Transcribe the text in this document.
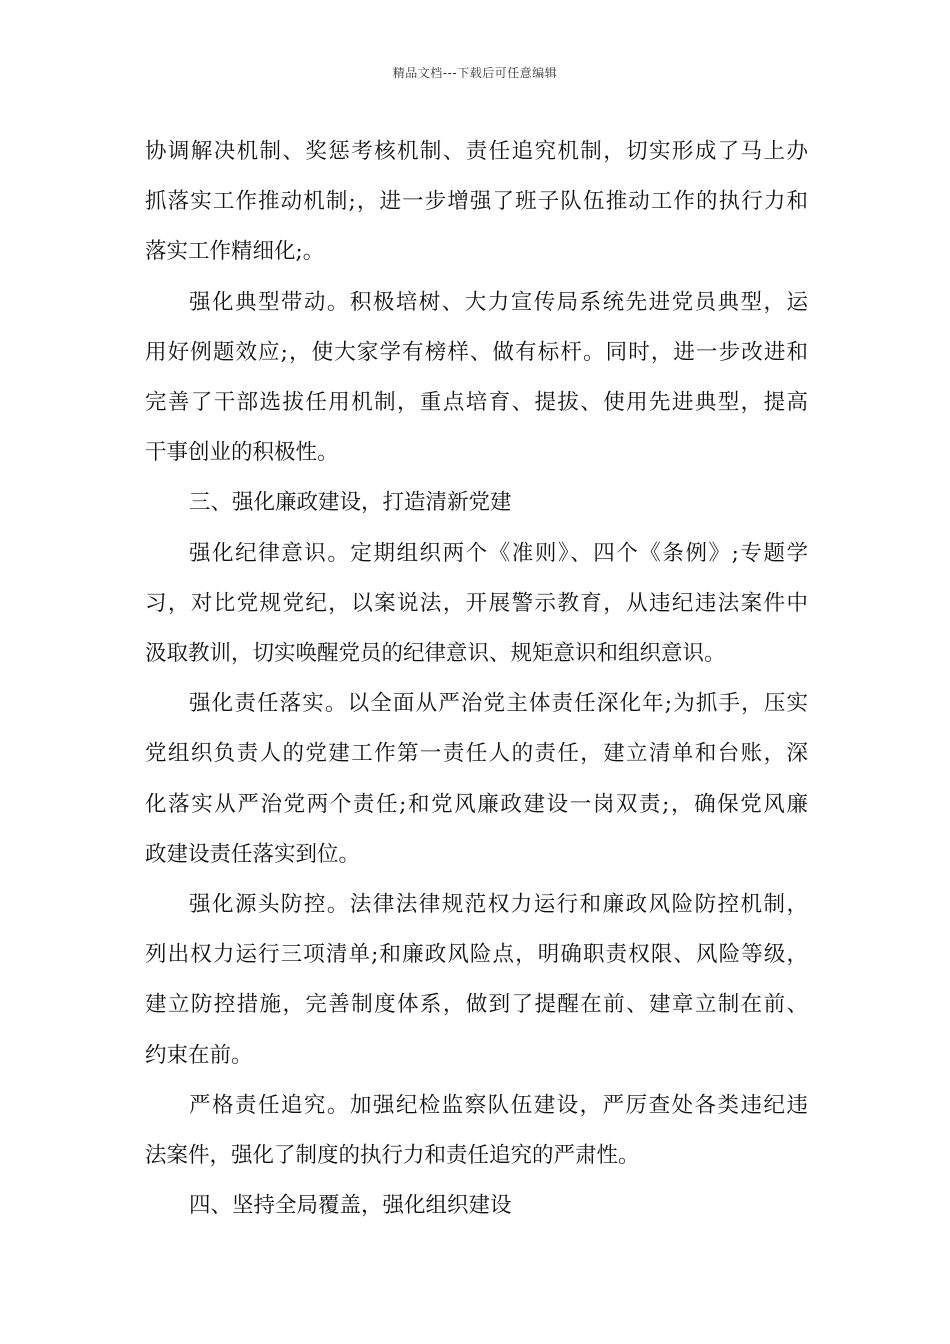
精品文档---下载后可任意编辑
协调解决机制、奖惩考核机制、责任追究机制，切实形成了马上办
抓落实工作推动机制;，进一步增强了班子队伍推动工作的执行力和
落实工作精细化;。
强化典型带动。积极培树、大力宣传局系统先进党员典型，运
用好例题效应;，使大家学有榜样、做有标杆。同时，进一步改进和
完善了干部选拔任用机制，重点培育、提拔、使用先进典型，提高
干事创业的积极性。
三、强化廉政建设，打造清新党建
强化纪律意识。定期组织两个《准则》、四个《条例》;专题学
习，对比党规党纪，以案说法，开展警示教育，从违纪违法案件中
汲取教训，切实唤醒党员的纪律意识、规矩意识和组织意识。
强化责任落实。以全面从严治党主体责任深化年;为抓手，压实
党组织负责人的党建工作第一责任人的责任，建立清单和台账，深
化落实从严治党两个责任;和党风廉政建设一岗双责;，确保党风廉
政建设责任落实到位。
强化源头防控。法律法律规范权力运行和廉政风险防控机制，
列出权力运行三项清单;和廉政风险点，明确职责权限、风险等级，
建立防控措施，完善制度体系，做到了提醒在前、建章立制在前、
约束在前。
严格责任追究。加强纪检监察队伍建设，严厉查处各类违纪违
法案件，强化了制度的执行力和责任追究的严肃性。
四、坚持全局覆盖，强化组织建设
